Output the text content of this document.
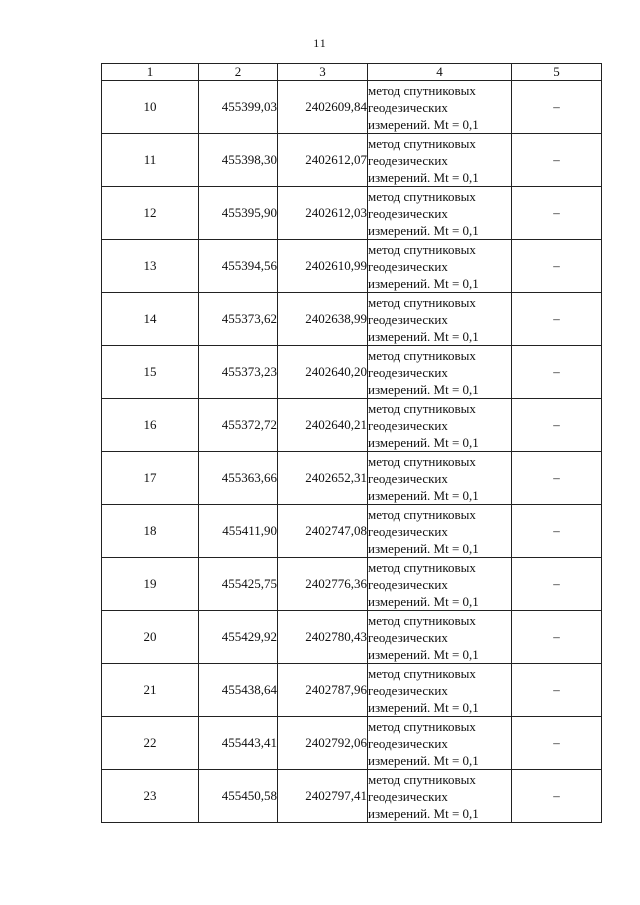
11
1	2	3	4	5
10	455399,03	2402609,84	метод спутниковых
геодезических
измерений. Mt = 0,1	–
11	455398,30	2402612,07	метод спутниковых
геодезических
измерений. Mt = 0,1	–
12	455395,90	2402612,03	метод спутниковых
геодезических
измерений. Mt = 0,1	–
13	455394,56	2402610,99	метод спутниковых
геодезических
измерений. Mt = 0,1	–
14	455373,62	2402638,99	метод спутниковых
геодезических
измерений. Mt = 0,1	–
15	455373,23	2402640,20	метод спутниковых
геодезических
измерений. Mt = 0,1	–
16	455372,72	2402640,21	метод спутниковых
геодезических
измерений. Mt = 0,1	–
17	455363,66	2402652,31	метод спутниковых
геодезических
измерений. Mt = 0,1	–
18	455411,90	2402747,08	метод спутниковых
геодезических
измерений. Mt = 0,1	–
19	455425,75	2402776,36	метод спутниковых
геодезических
измерений. Mt = 0,1	–
20	455429,92	2402780,43	метод спутниковых
геодезических
измерений. Mt = 0,1	–
21	455438,64	2402787,96	метод спутниковых
геодезических
измерений. Mt = 0,1	–
22	455443,41	2402792,06	метод спутниковых
геодезических
измерений. Mt = 0,1	–
23	455450,58	2402797,41	метод спутниковых
геодезических
измерений. Mt = 0,1	–
